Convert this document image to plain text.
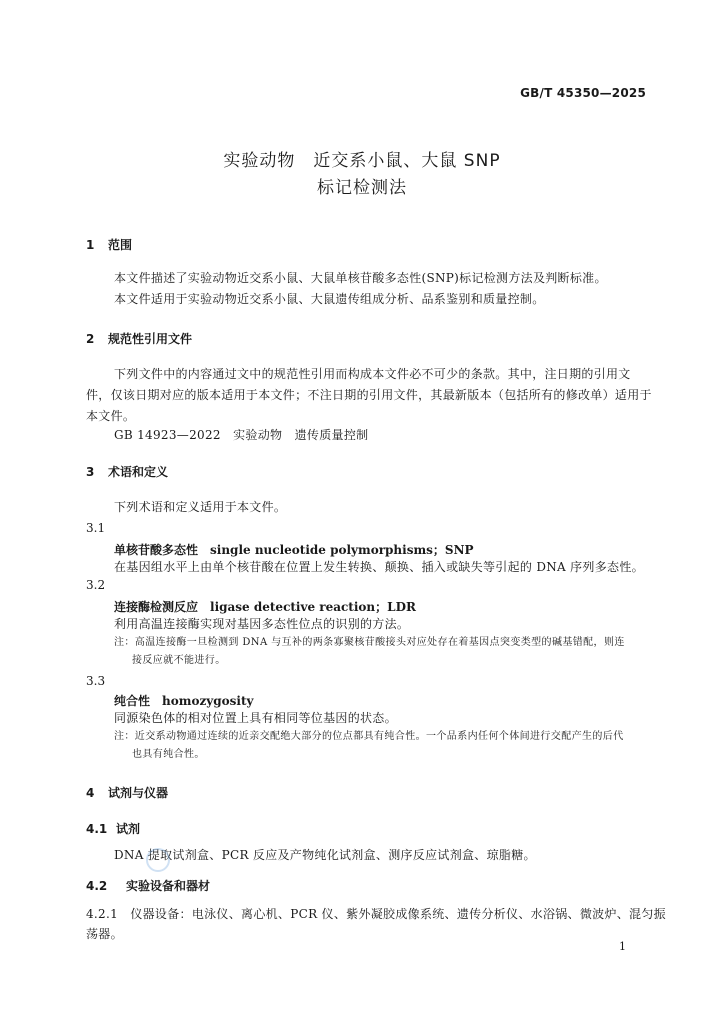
GB/T 45350—2025
实验动物　近交系小鼠、大鼠 SNP
标记检测法
1 范围
本文件描述了实验动物近交系小鼠、大鼠单核苷酸多态性(SNP)标记检测方法及判断标准。
本文件适用于实验动物近交系小鼠、大鼠遗传组成分析、品系鉴别和质量控制。
2 规范性引用文件
下列文件中的内容通过文中的规范性引用而构成本文件必不可少的条款。其中，注日期的引用文
件，仅该日期对应的版本适用于本文件；不注日期的引用文件，其最新版本（包括所有的修改单）适用于
本文件。
GB 14923—2022　实验动物　遗传质量控制
3 术语和定义
下列术语和定义适用于本文件。
3.1
单核苷酸多态性 single nucleotide polymorphisms；SNP
在基因组水平上由单个核苷酸在位置上发生转换、颠换、插入或缺失等引起的 DNA 序列多态性。
3.2
连接酶检测反应 ligase detective reaction；LDR
利用高温连接酶实现对基因多态性位点的识别的方法。
注：高温连接酶一旦检测到 DNA 与互补的两条寡聚核苷酸接头对应处存在着基因点突变类型的碱基错配，则连
接反应就不能进行。
3.3
纯合性 homozygosity
同源染色体的相对位置上具有相同等位基因的状态。
注：近交系动物通过连续的近亲交配绝大部分的位点都具有纯合性。一个品系内任何个体间进行交配产生的后代
也具有纯合性。
4 试剂与仪器
4.1 试剂
DNA 提取试剂盒、PCR 反应及产物纯化试剂盒、测序反应试剂盒、琼脂糖。
4.2 实验设备和器材
4.2.1　仪器设备：电泳仪、离心机、PCR 仪、紫外凝胶成像系统、遗传分析仪、水浴锅、微波炉、混匀振
荡器。
1
